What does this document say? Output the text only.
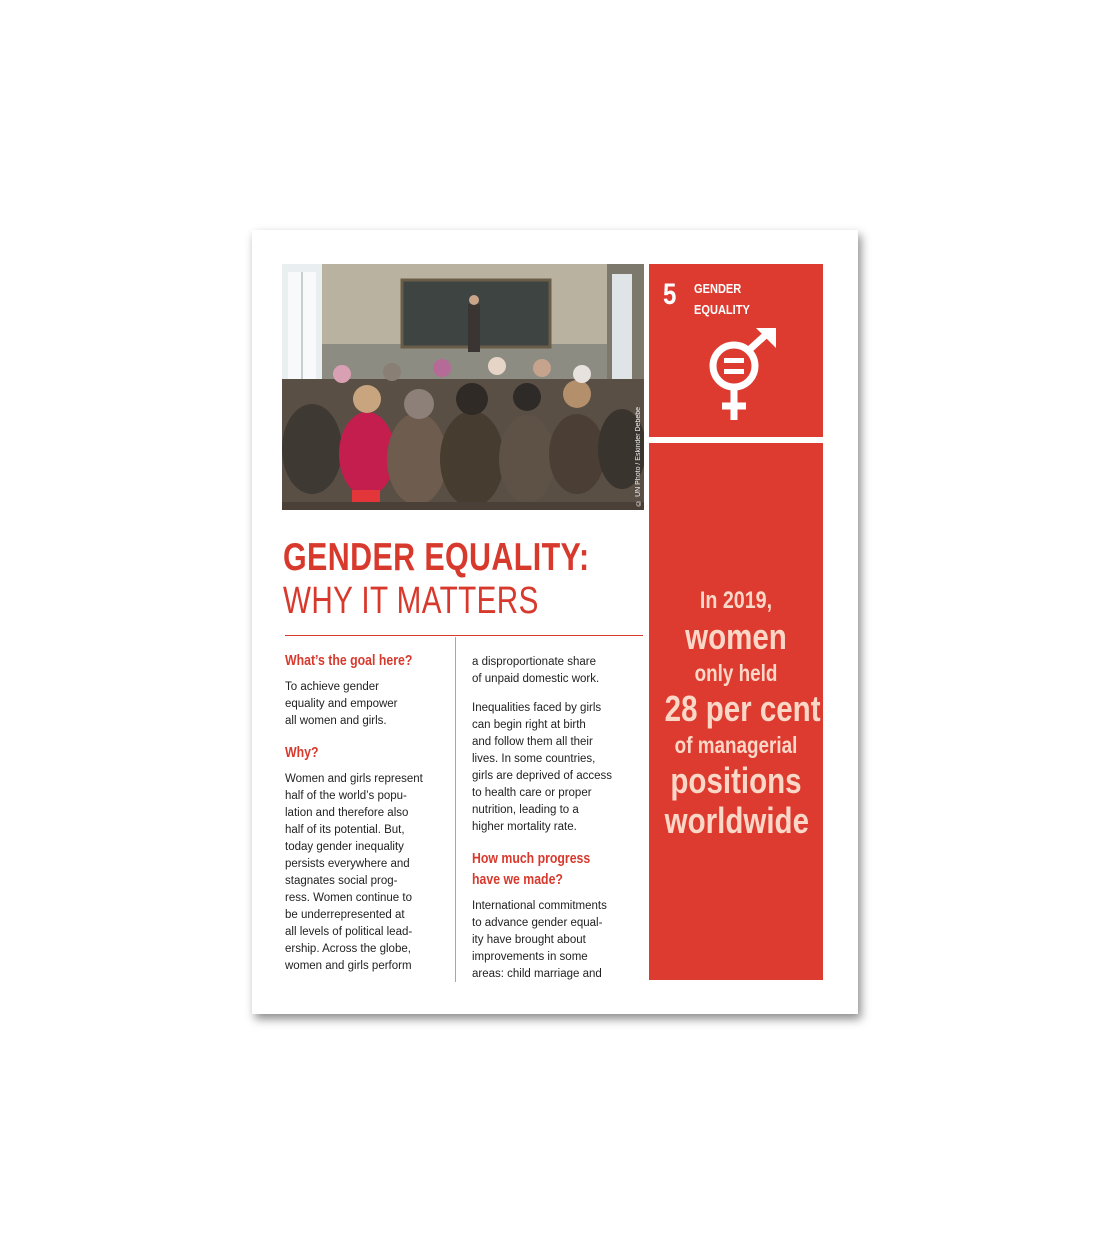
© UN Photo / Eskinder Debebe
5 GENDER
EQUALITY
In 2019,
women
only held
28 per cent
of managerial
positions
worldwide
GENDER EQUALITY:
WHY IT MATTERS
What’s the goal here?

To achieve gender
equality and empower
all women and girls.

Why?

Women and girls represent
half of the world’s popu-
lation and therefore also
half of its potential. But,
today gender inequality
persists everywhere and
stagnates social prog-
ress. Women continue to
be underrepresented at
all levels of political lead-
ership. Across the globe,
women and girls perform

a disproportionate share
of unpaid domestic work.

Inequalities faced by girls
can begin right at birth
and follow them all their
lives. In some countries,
girls are deprived of access
to health care or proper
nutrition, leading to a
higher mortality rate.

How much progress
have we made?

International commitments
to advance gender equal-
ity have brought about
improvements in some
areas: child marriage and
